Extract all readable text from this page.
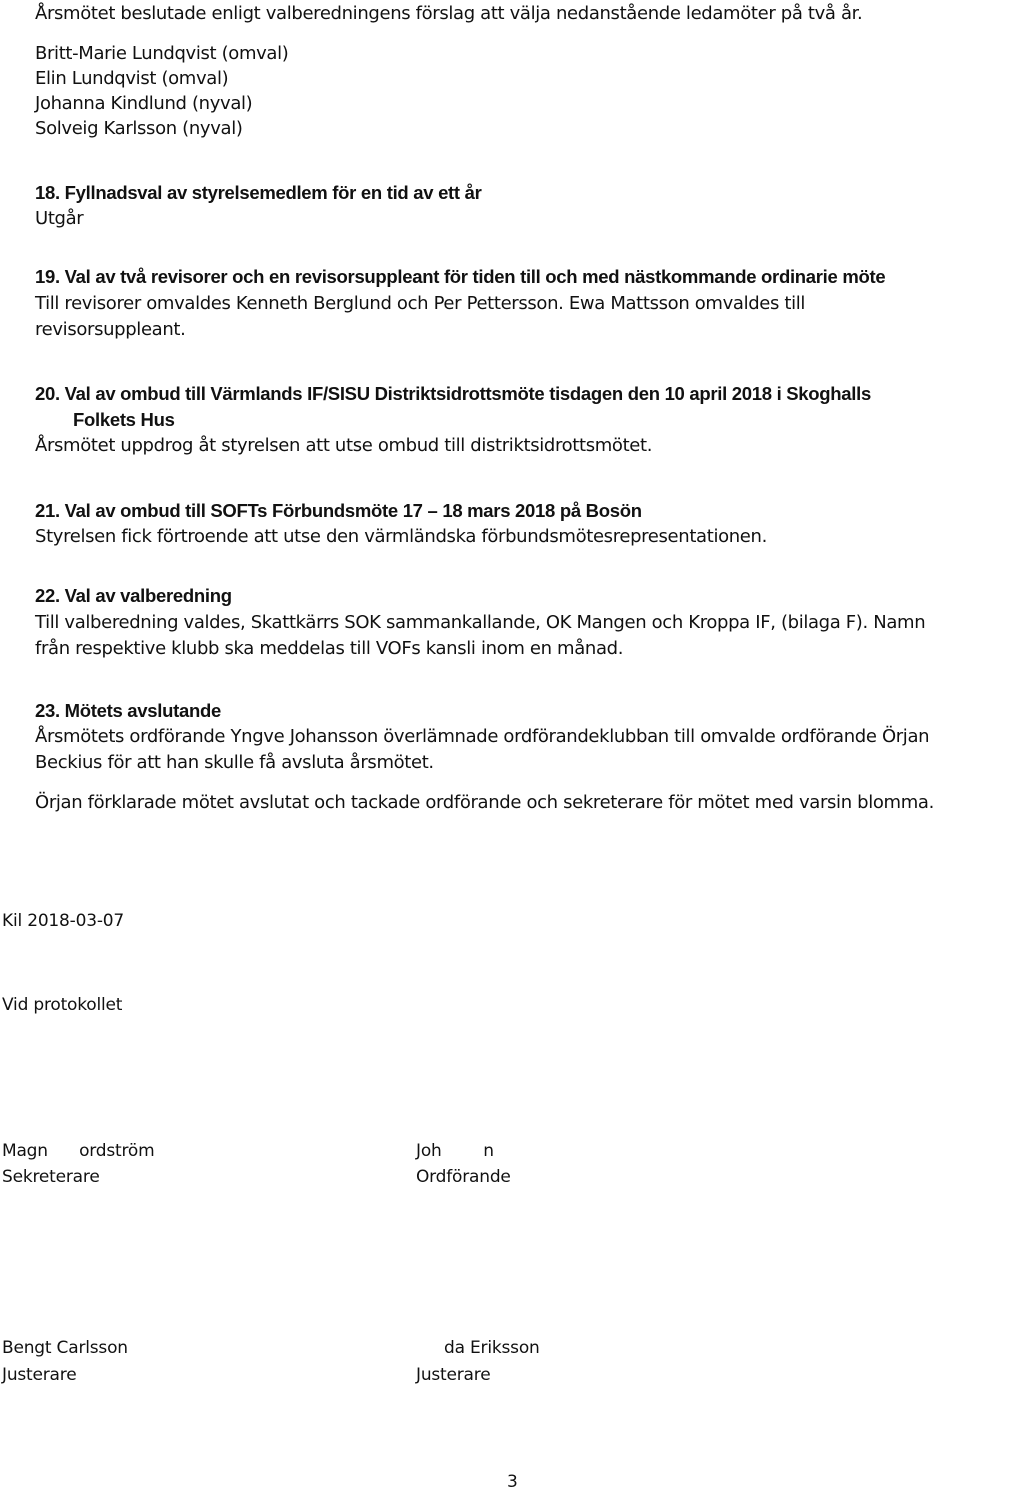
Årsmötet beslutade enligt valberedningens förslag att välja nedanstående ledamöter på två år.
Britt-Marie Lundqvist (omval)
Elin Lundqvist (omval)
Johanna Kindlund (nyval)
Solveig Karlsson (nyval)
18. Fyllnadsval av styrelsemedlem för en tid av ett år
Utgår
19. Val av två revisorer och en revisorsuppleant för tiden till och med nästkommande ordinarie möte
Till revisorer omvaldes Kenneth Berglund och Per Pettersson. Ewa Mattsson omvaldes till
revisorsuppleant.
20. Val av ombud till Värmlands IF/SISU Distriktsidrottsmöte tisdagen den 10 april 2018 i Skoghalls
Folkets Hus
Årsmötet uppdrog åt styrelsen att utse ombud till distriktsidrottsmötet.
21. Val av ombud till SOFTs Förbundsmöte 17 – 18 mars 2018 på Bosön
Styrelsen fick förtroende att utse den värmländska förbundsmötesrepresentationen.
22. Val av valberedning
Till valberedning valdes, Skattkärrs SOK sammankallande, OK Mangen och Kroppa IF, (bilaga F). Namn
från respektive klubb ska meddelas till VOFs kansli inom en månad.
23. Mötets avslutande
Årsmötets ordförande Yngve Johansson överlämnade ordförandeklubban till omvalde ordförande Örjan
Beckius för att han skulle få avsluta årsmötet.
Örjan förklarade mötet avslutat och tackade ordförande och sekreterare för mötet med varsin blomma.
Kil 2018-03-07
Vid protokollet
Magn      ordström
Sekreterare
Joh        n
Ordförande
Bengt Carlsson
Justerare
da Eriksson
Justerare
3
